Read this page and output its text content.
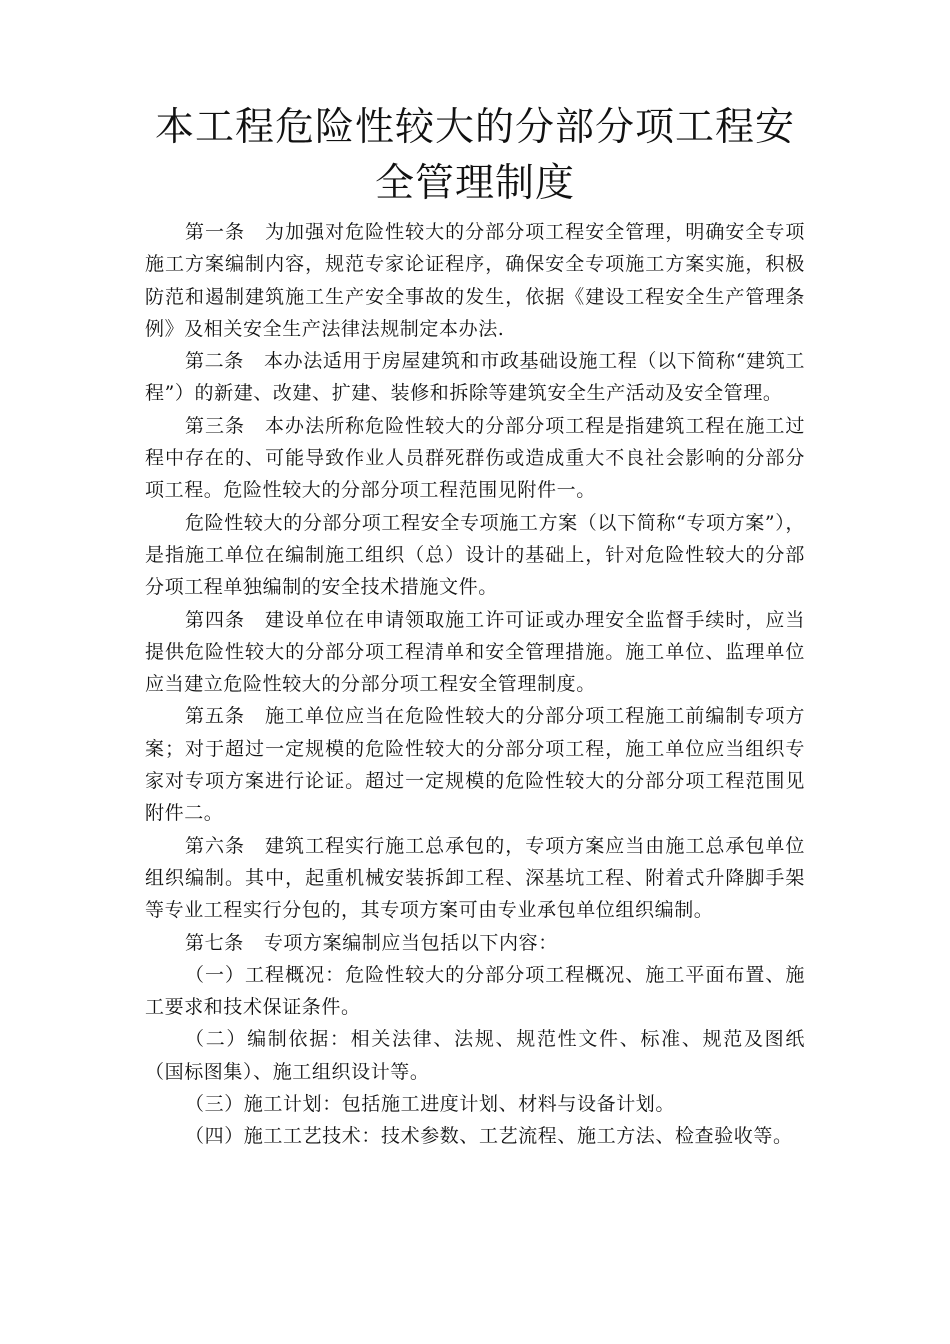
本工程危险性较大的分部分项工程安全管理制度

第一条 为加强对危险性较大的分部分项工程安全管理，明确安全专项施工方案编制内容，规范专家论证程序，确保安全专项施工方案实施，积极防范和遏制建筑施工生产安全事故的发生，依据《建设工程安全生产管理条例》及相关安全生产法律法规制定本办法.

第二条 本办法适用于房屋建筑和市政基础设施工程（以下简称“建筑工程”）的新建、改建、扩建、装修和拆除等建筑安全生产活动及安全管理。

第三条 本办法所称危险性较大的分部分项工程是指建筑工程在施工过程中存在的、可能导致作业人员群死群伤或造成重大不良社会影响的分部分项工程。危险性较大的分部分项工程范围见附件一。

危险性较大的分部分项工程安全专项施工方案（以下简称“专项方案”），是指施工单位在编制施工组织（总）设计的基础上，针对危险性较大的分部分项工程单独编制的安全技术措施文件。

第四条 建设单位在申请领取施工许可证或办理安全监督手续时，应当提供危险性较大的分部分项工程清单和安全管理措施。施工单位、监理单位应当建立危险性较大的分部分项工程安全管理制度。

第五条 施工单位应当在危险性较大的分部分项工程施工前编制专项方案；对于超过一定规模的危险性较大的分部分项工程，施工单位应当组织专家对专项方案进行论证。超过一定规模的危险性较大的分部分项工程范围见附件二。

第六条 建筑工程实行施工总承包的，专项方案应当由施工总承包单位组织编制。其中，起重机械安装拆卸工程、深基坑工程、附着式升降脚手架等专业工程实行分包的，其专项方案可由专业承包单位组织编制。

第七条 专项方案编制应当包括以下内容：

（一）工程概况：危险性较大的分部分项工程概况、施工平面布置、施工要求和技术保证条件。

（二）编制依据：相关法律、法规、规范性文件、标准、规范及图纸（国标图集）、施工组织设计等。

（三）施工计划：包括施工进度计划、材料与设备计划。

（四）施工工艺技术：技术参数、工艺流程、施工方法、检查验收等。
